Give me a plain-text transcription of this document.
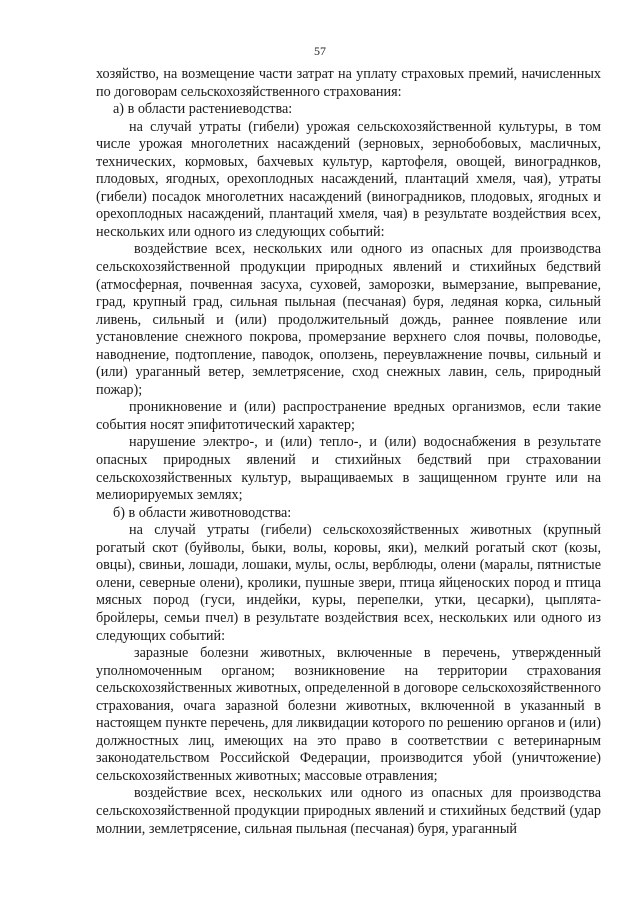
57

хозяйство, на возмещение части затрат на уплату страховых премий, начисленных по договорам сельскохозяйственного страхования:

а) в области растениеводства:

на случай утраты (гибели) урожая сельскохозяйственной культуры, в том числе урожая многолетних насаждений (зерновых, зернобобовых, масличных, технических, кормовых, бахчевых культур, картофеля, овощей, винограднков, плодовых, ягодных, орехоплодных насаждений, плантаций хмеля, чая), утраты (гибели) посадок многолетних насаждений (виноградников, плодовых, ягодных и орехоплодных насаждений, плантаций хмеля, чая) в результате воздействия всех, нескольких или одного из следующих событий:

воздействие всех, нескольких или одного из опасных для производства сельскохозяйственной продукции природных явлений и стихийных бедствий (атмосферная, почвенная засуха, суховей, заморозки, вымерзание, выпревание, град, крупный град, сильная пыльная (песчаная) буря, ледяная корка, сильный ливень, сильный и (или) продолжительный дождь, раннее появление или установление снежного покрова, промерзание верхнего слоя почвы, половодье, наводнение, подтопление, паводок, оползень, переувлажнение почвы, сильный и (или) ураганный ветер, землетрясение, сход снежных лавин, сель, природный пожар);

проникновение и (или) распространение вредных организмов, если такие события носят эпифитотический характер;

нарушение электро-, и (или) тепло-, и (или) водоснабжения в результате опасных природных явлений и стихийных бедствий при страховании сельскохозяйственных культур, выращиваемых в защищенном грунте или на мелиорируемых землях;

б) в области животноводства:

на случай утраты (гибели) сельскохозяйственных животных (крупный рогатый скот (буйволы, быки, волы, коровы, яки), мелкий рогатый скот (козы, овцы), свиньи, лошади, лошаки, мулы, ослы, верблюды, олени (маралы, пятнистые олени, северные олени), кролики, пушные звери, птица яйценоских пород и птица мясных пород (гуси, индейки, куры, перепелки, утки, цесарки), цыплята-бройлеры, семьи пчел) в результате воздействия всех, нескольких или одного из следующих событий:

заразные болезни животных, включенные в перечень, утвержденный уполномоченным органом; возникновение на территории страхования сельскохозяйственных животных, определенной в договоре сельскохозяйственного страхования, очага заразной болезни животных, включенной в указанный в настоящем пункте перечень, для ликвидации которого по решению органов и (или) должностных лиц, имеющих на это право в соответствии с ветеринарным законодательством Российской Федерации, производится убой (уничтожение) сельскохозяйственных животных; массовые отравления;

воздействие всех, нескольких или одного из опасных для производства сельскохозяйственной продукции природных явлений и стихийных бедствий (удар молнии, землетрясение, сильная пыльная (песчаная) буря, ураганный
